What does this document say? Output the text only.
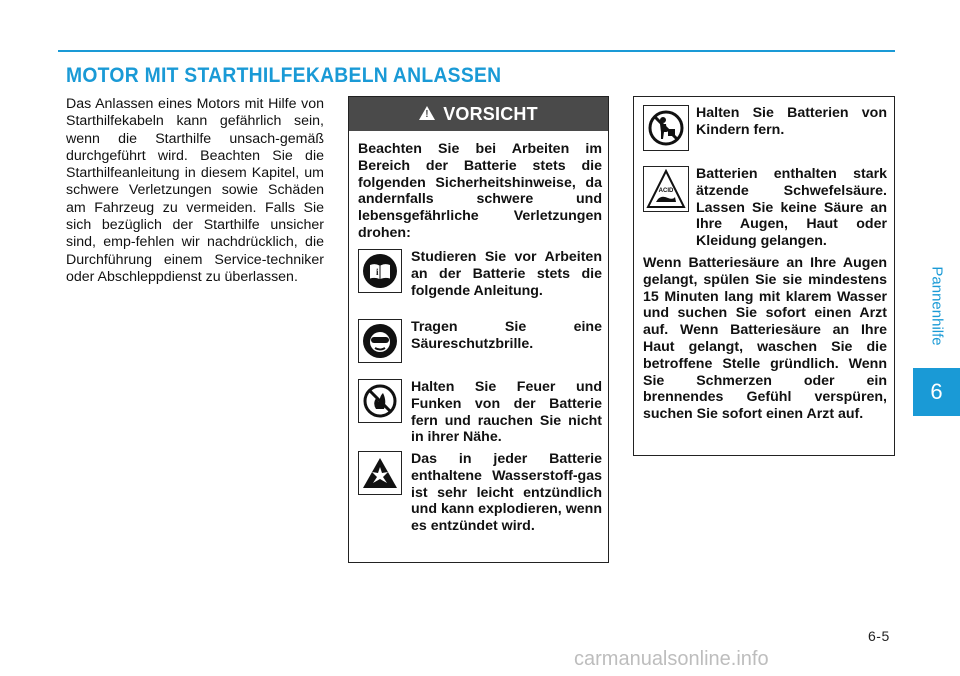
MOTOR MIT STARTHILFEKABELN ANLASSEN
Das Anlassen eines Motors mit Hilfe von Starthilfekabeln kann gefährlich sein, wenn die Starthilfe unsach-gemäß durchgeführt wird. Beachten Sie die Starthilfeanleitung in diesem Kapitel, um schwere Verletzungen sowie Schäden am Fahrzeug zu vermeiden. Falls Sie sich bezüglich der Starthilfe unsicher sind, emp-fehlen wir nachdrücklich, die Durchführung einem Service-techniker oder Abschleppdienst zu überlassen.
!
VORSICHT
Beachten Sie bei Arbeiten im Bereich der Batterie stets die folgenden Sicherheitshinweise, da andernfalls schwere und lebensgefährliche Verletzungen drohen:
i
Studieren Sie vor Arbeiten an der Batterie stets die folgende Anleitung.
Tragen Sie eine Säureschutzbrille.
Halten Sie Feuer und Funken von der Batterie fern und rauchen Sie nicht in ihrer Nähe.
Das in jeder Batterie enthaltene Wasserstoff-gas ist sehr leicht entzündlich und kann explodieren, wenn es entzündet wird.
Halten Sie Batterien von Kindern fern.
ACID
Batterien enthalten stark ätzende Schwefelsäure. Lassen Sie keine Säure an Ihre Augen, Haut oder Kleidung gelangen.
Wenn Batteriesäure an Ihre Augen gelangt, spülen Sie sie mindestens 15 Minuten lang mit klarem Wasser und suchen Sie sofort einen Arzt auf. Wenn Batteriesäure an Ihre Haut gelangt, waschen Sie die betroffene Stelle gründlich. Wenn Sie Schmerzen oder ein brennendes Gefühl verspüren, suchen Sie sofort einen Arzt auf.
Pannenhilfe
6
6-5
carmanualsonline.info
